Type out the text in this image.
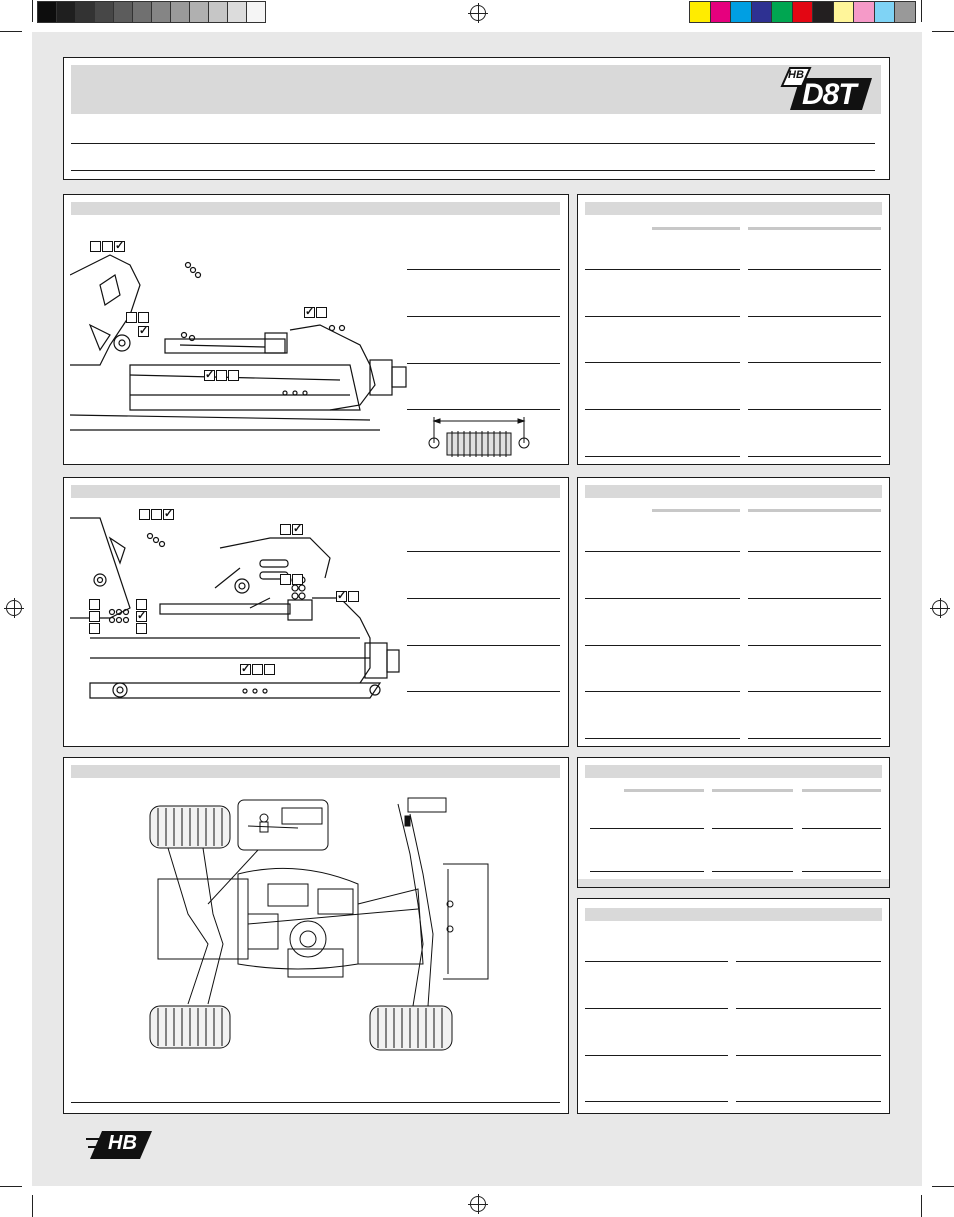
HB
D8T
✓
✓
✓
✓
✓
✓
✓
✓
✓
HB
